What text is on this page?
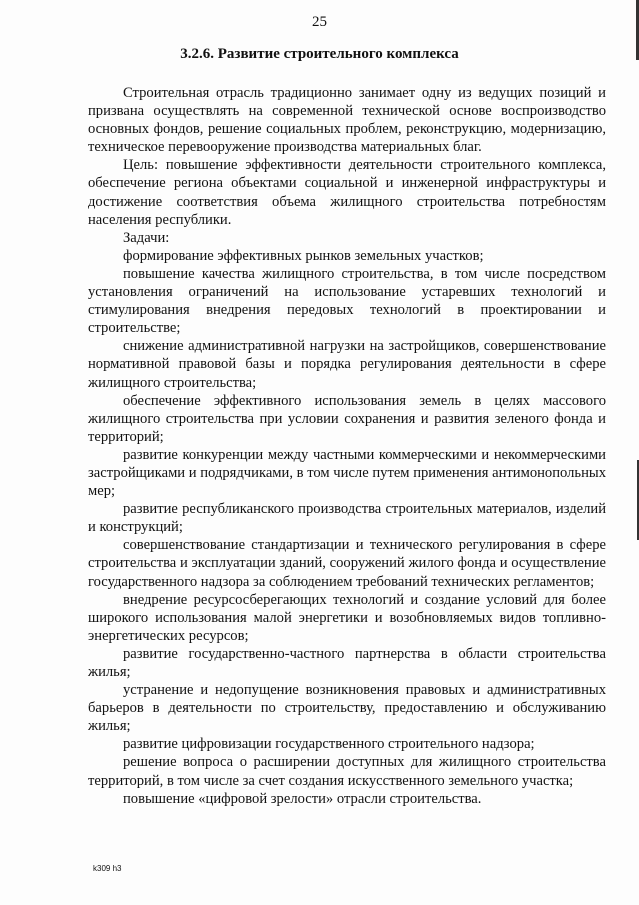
25
3.2.6. Развитие строительного комплекса

Строительная отрасль традиционно занимает одну из ведущих позиций и призвана осуществлять на современной технической основе воспроизводство основных фондов, решение социальных проблем, реконструкцию, модернизацию, техническое перевооружение производства материальных благ.

Цель: повышение эффективности деятельности строительного комплекса, обеспечение региона объектами социальной и инженерной инфраструктуры и достижение соответствия объема жилищного строительства потребностям населения республики.

Задачи:

формирование эффективных рынков земельных участков;

повышение качества жилищного строительства, в том числе посредством установления ограничений на использование устаревших технологий и стимулирования внедрения передовых технологий в проектировании и строительстве;

снижение административной нагрузки на застройщиков, совершенствование нормативной правовой базы и порядка регулирования деятельности в сфере жилищного строительства;

обеспечение эффективного использования земель в целях массового жилищного строительства при условии сохранения и развития зеленого фонда и территорий;

развитие конкуренции между частными коммерческими и некоммерческими застройщиками и подрядчиками, в том числе путем применения антимонопольных мер;

развитие республиканского производства строительных материалов, изделий и конструкций;

совершенствование стандартизации и технического регулирования в сфере строительства и эксплуатации зданий, сооружений жилого фонда и осуществление государственного надзора за соблюдением требований технических регламентов;

внедрение ресурсосберегающих технологий и создание условий для более широкого использования малой энергетики и возобновляемых видов топливно-энергетических ресурсов;

развитие государственно-частного партнерства в области строительства жилья;

устранение и недопущение возникновения правовых и административных барьеров в деятельности по строительству, предоставлению и обслуживанию жилья;

развитие цифровизации государственного строительного надзора;

решение вопроса о расширении доступных для жилищного строительства территорий, в том числе за счет создания искусственного земельного участка;

повышение «цифровой зрелости» отрасли строительства.

k309 h3
